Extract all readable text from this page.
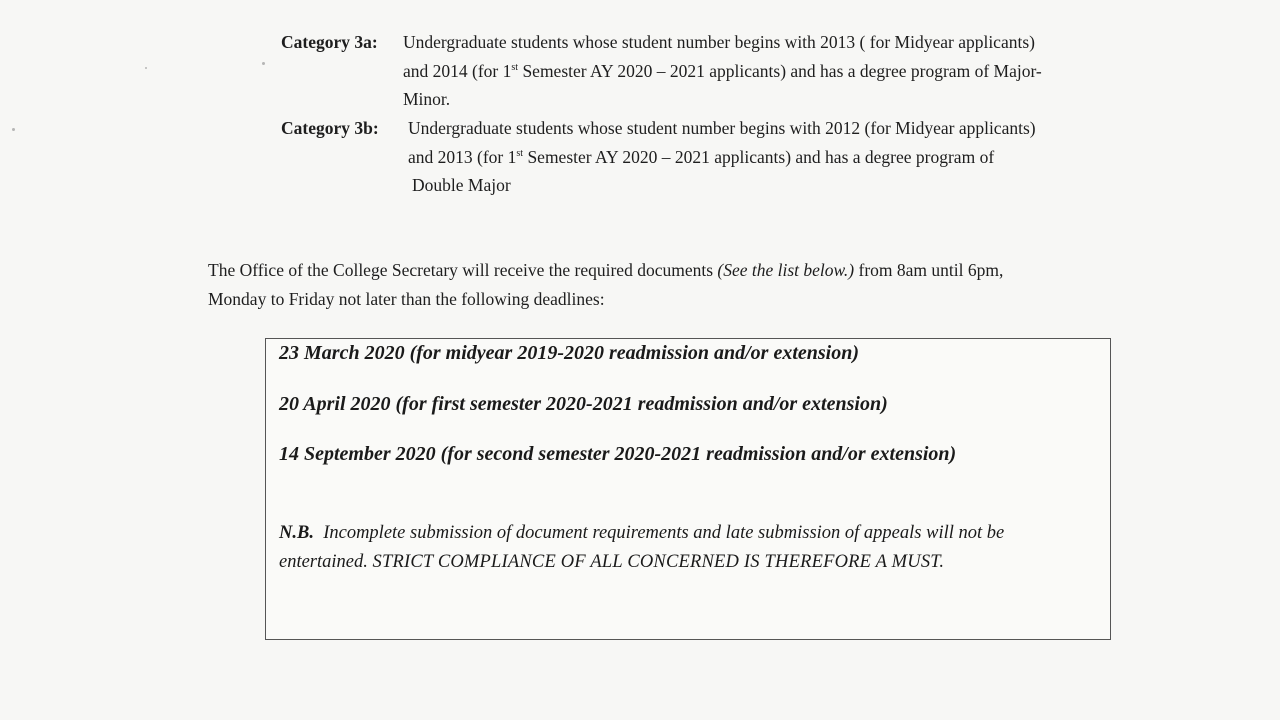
Category 3a: Undergraduate students whose student number begins with 2013 ( for Midyear applicants)
and 2014 (for 1st Semester AY 2020 – 2021 applicants) and has a degree program of Major-
Minor.
Category 3b: Undergraduate students whose student number begins with 2012 (for Midyear applicants)
and 2013 (for 1st Semester AY 2020 – 2021 applicants) and has a degree program of
Double Major
The Office of the College Secretary will receive the required documents (See the list below.) from 8am until 6pm,
Monday to Friday not later than the following deadlines:
23 March 2020 (for midyear 2019-2020 readmission and/or extension)
20 April 2020 (for first semester 2020-2021 readmission and/or extension)
14 September 2020 (for second semester 2020-2021 readmission and/or extension)
N.B. Incomplete submission of document requirements and late submission of appeals will not be
entertained. STRICT COMPLIANCE OF ALL CONCERNED IS THEREFORE A MUST.
